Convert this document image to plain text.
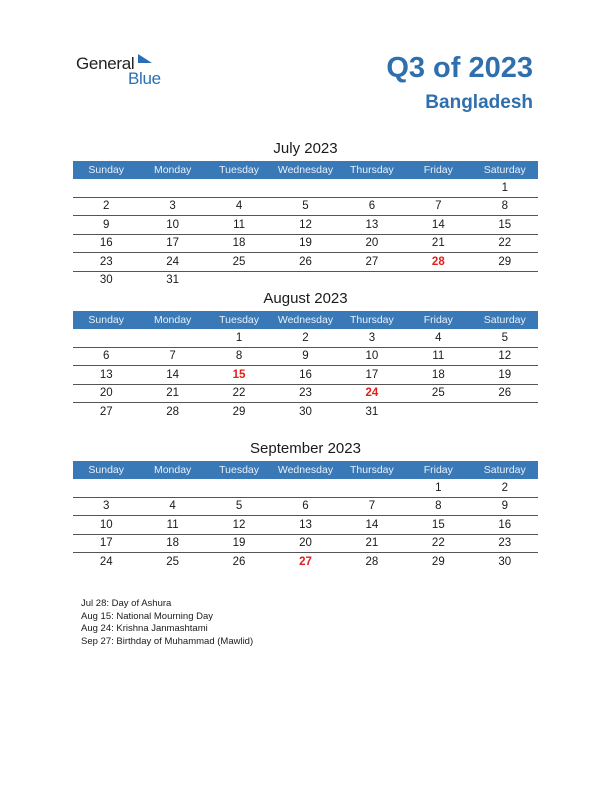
General
Blue	Q3 of 2023
Bangladesh
July 2023
Sunday	Monday	Tuesday	Wednesday	Thursday	Friday	Saturday
						1
2	3	4	5	6	7	8
9	10	11	12	13	14	15
16	17	18	19	20	21	22
23	24	25	26	27	28	29
30	31					
August 2023
Sunday	Monday	Tuesday	Wednesday	Thursday	Friday	Saturday
		1	2	3	4	5
6	7	8	9	10	11	12
13	14	15	16	17	18	19
20	21	22	23	24	25	26
27	28	29	30	31		
September 2023
Sunday	Monday	Tuesday	Wednesday	Thursday	Friday	Saturday
					1	2
3	4	5	6	7	8	9
10	11	12	13	14	15	16
17	18	19	20	21	22	23
24	25	26	27	28	29	30
Jul 28: Day of Ashura
Aug 15: National Mourning Day
Aug 24: Krishna Janmashtami
Sep 27: Birthday of Muhammad (Mawlid)
